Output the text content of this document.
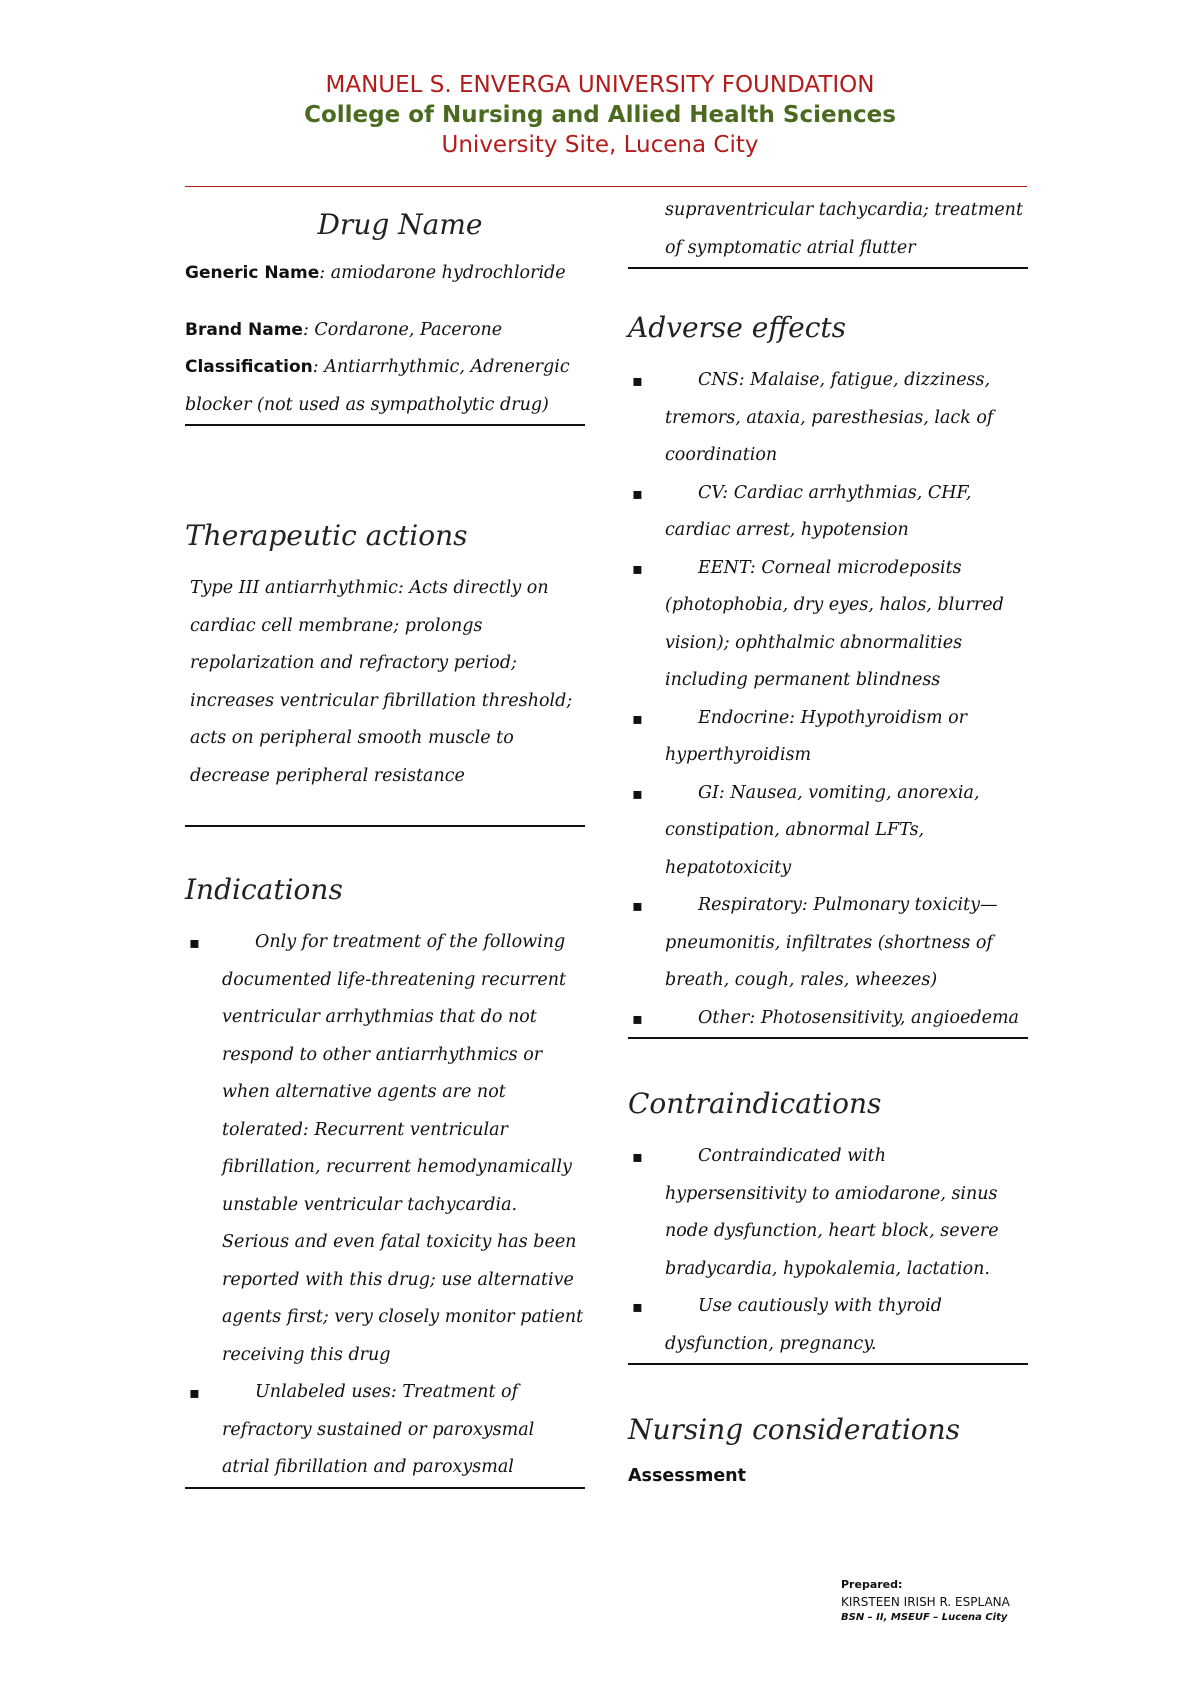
MANUEL S. ENVERGA UNIVERSITY FOUNDATION
College of Nursing and Allied Health Sciences
University Site, Lucena City
Drug Name
Generic Name: amiodarone hydrochloride
Brand Name: Cordarone, Pacerone
Classification: Antiarrhythmic, Adrenergic blocker (not used as sympatholytic drug)
Therapeutic actions
Type III antiarrhythmic: Acts directly on cardiac cell membrane; prolongs repolarization and refractory period; increases ventricular fibrillation threshold; acts on peripheral smooth muscle to decrease peripheral resistance
Indications
▪ Only for treatment of the following documented life-threatening recurrent ventricular arrhythmias that do not respond to other antiarrhythmics or when alternative agents are not tolerated: Recurrent ventricular fibrillation, recurrent hemodynamically unstable ventricular tachycardia. Serious and even fatal toxicity has been reported with this drug; use alternative agents first; very closely monitor patient receiving this drug
▪ Unlabeled uses: Treatment of refractory sustained or paroxysmal atrial fibrillation and paroxysmal
supraventricular tachycardia; treatment of symptomatic atrial flutter
Adverse effects
▪ CNS: Malaise, fatigue, dizziness, tremors, ataxia, paresthesias, lack of coordination
▪ CV: Cardiac arrhythmias, CHF, cardiac arrest, hypotension
▪ EENT: Corneal microdeposits (photophobia, dry eyes, halos, blurred vision); ophthalmic abnormalities including permanent blindness
▪ Endocrine: Hypothyroidism or hyperthyroidism
▪ GI: Nausea, vomiting, anorexia, constipation, abnormal LFTs, hepatotoxicity
▪ Respiratory: Pulmonary toxicity—pneumonitis, infiltrates (shortness of breath, cough, rales, wheezes)
▪ Other: Photosensitivity, angioedema
Contraindications
▪ Contraindicated with hypersensitivity to amiodarone, sinus node dysfunction, heart block, severe bradycardia, hypokalemia, lactation.
▪ Use cautiously with thyroid dysfunction, pregnancy.
Nursing considerations
Assessment
Prepared:
KIRSTEEN IRISH R. ESPLANA
BSN – II, MSEUF – Lucena City
